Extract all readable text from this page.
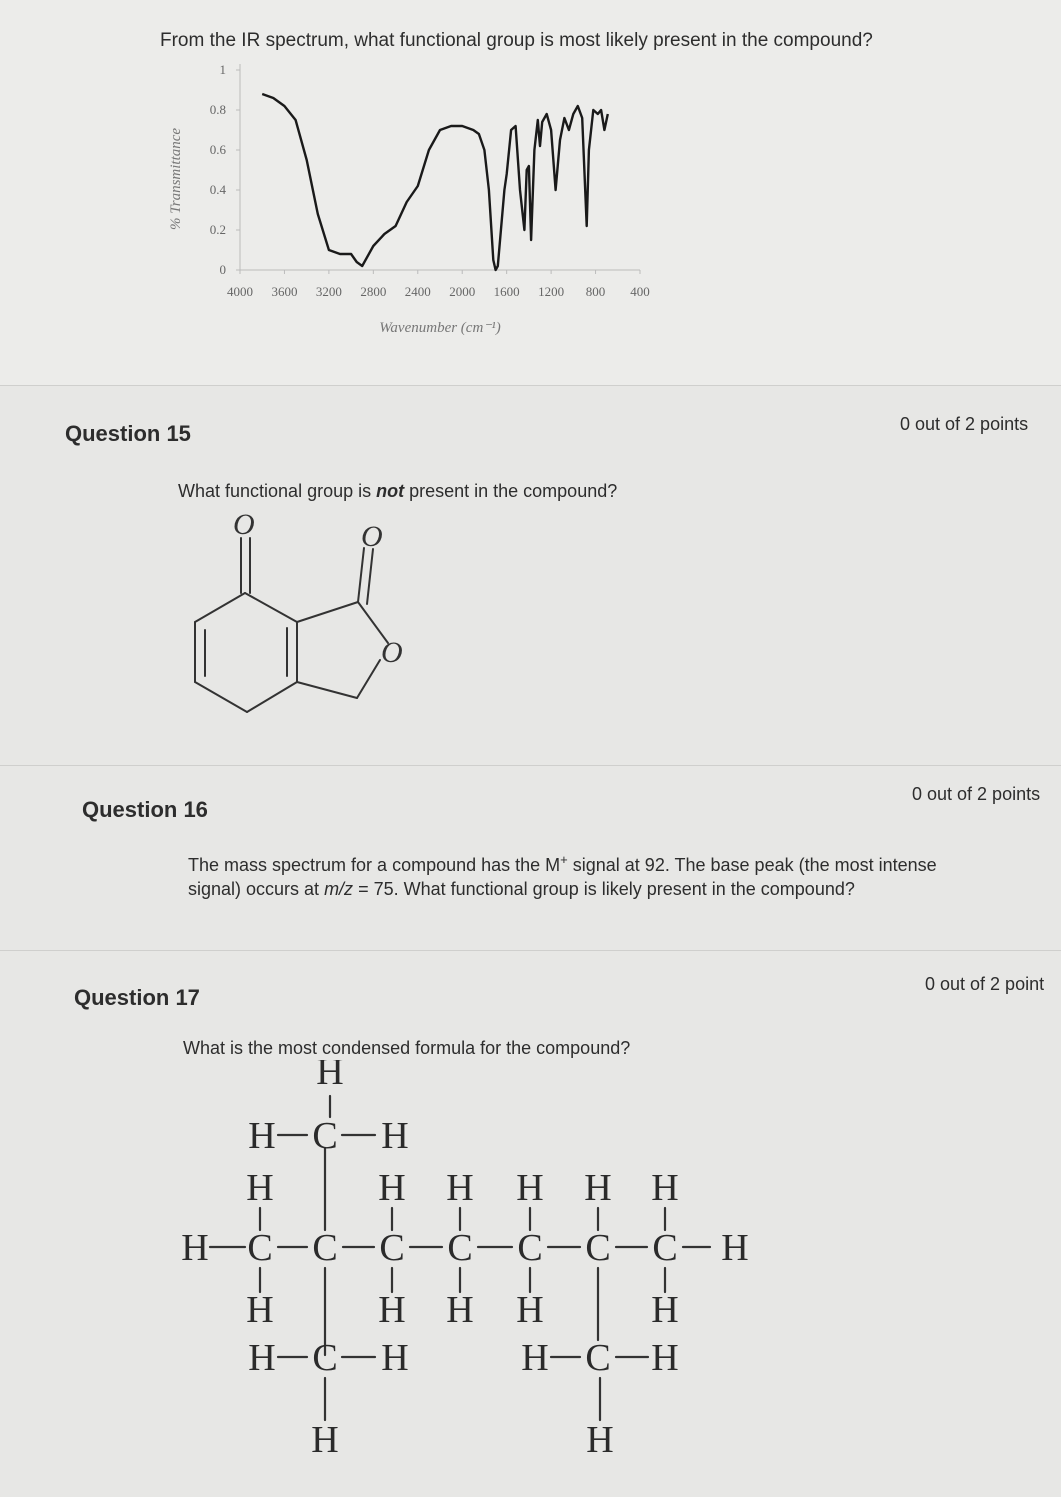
From the IR spectrum, what functional group is most likely present in the compound?
4000 3600 3200 2800 2400 2000 1600 1200 800 400
0
0.2
0.4
0.6
0.8
1
% Transmittance
Wavenumber (cm⁻¹)
Question 15	0 out of 2 points
What functional group is not present in the compound?
O	O
O
Question 16
0 out of 2 points
The mass spectrum for a compound has the M+ signal at 92. The base peak (the most intense
signal) occurs at m/z = 75. What functional group is likely present in the compound?
Question 17
0 out of 2 point
What is the most condensed formula for the compound?
H C C C C C C C H
H
H
C
H	H
H
C
H	H
H
H
H
H
H
H
H
H
H
H
C
H	H
H
